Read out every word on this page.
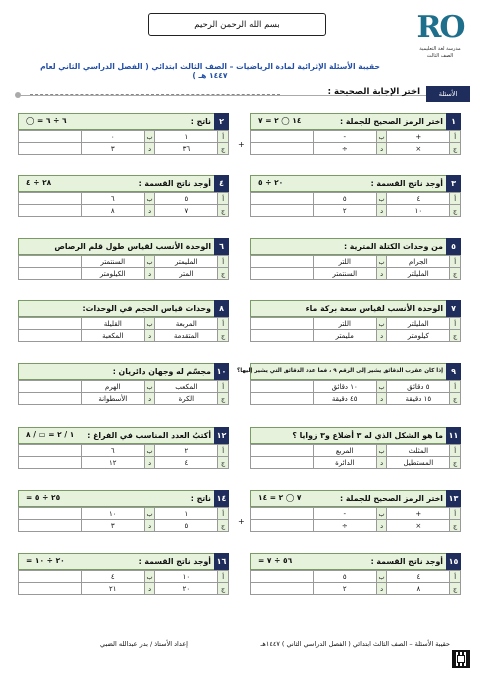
بسم الله الرحمن الرحيم	RO
مدرسة لغة التعليمية
الصف الثالث
حقيبة الأسئلة الإثرائية لمادة الرياضيات – الصف الثالث ابتدائي ( الفصل الدراسي الثاني لعام ١٤٤٧ هـ )
الأسئلة
اختر الإجابة الصحيحة :
١
اختر الرمز الصحيح للجملة :
١٤ ◯ ٢ = ٧
أ	+	ب	-	
ج	×	د	÷	
٢
ناتج :
٦ ÷ ٦ = ◯
أ	١	ب	٠	
ج	٣٦	د	٣	
٣
أوجد ناتج القسمة :
٢٠ ÷ ٥
أ	٤	ب	٥	
ج	١٠	د	٢	
٤
أوجد ناتج القسمة :
٢٨ ÷ ٤
أ	٥	ب	٦	
ج	٧	د	٨	
٥
من وحدات الكتلة المترية :
أ	الجرام	ب	اللتر	
ج	المليلتر	د	السنتمتر	
٦
الوحدة الأنسب لقياس طول قلم الرصاص
أ	المليمتر	ب	السنتمتر	
ج	المتر	د	الكيلومتر	
٧
الوحدة الأنسب لقياس سعة بركة ماء
أ	المليلتر	ب	اللتر	
ج	كيلومتر	د	مليمتر	
٨
وحدات قياس الحجم في الوحدات:
أ	المربعة	ب	القليلة	
ج	المتقدمة	د	المكعبة	
٩
إذا كان عقرب الدقائق يشير إلى الرقم ٩ ، فما عدد الدقائق التي يشير إليها؟
أ	٥ دقائق	ب	١٠ دقائق	
ج	١٥ دقيقة	د	٤٥ دقيقة	
١٠
مجسّم له وجهان دائريان :
أ	المكعب	ب	الهرم	
ج	الكرة	د	الأسطوانة	
١١
ما هو الشكل الذي له ٣ أضلاع و٣ زوايا ؟
أ	المثلث	ب	المربع	
ج	المستطيل	د	الدائرة	
١٢
أكتبُ العدد المناسب في الفراغ :
١ / ٢ = ▭ / ٨
أ	٢	ب	٦	
ج	٤	د	١٢	
١٣
اختر الرمز الصحيح للجملة :
٧ ◯ ٢ = ١٤
أ	+	ب	-	
ج	×	د	÷	
١٤
ناتج :
٢٥ ÷ ٥ =
أ	١	ب	١٠	
ج	٥	د	٣	
١٥
أوجد ناتج القسمة :
٥٦ ÷ ٧ =
أ	٤	ب	٥	
ج	٨	د	٢	
١٦
أوجد ناتج القسمة :
٢٠ ÷ ١٠ =
أ	١٠	ب	٤	
ج	٢٠	د	٢١	
+
+
حقيبة الأسئلة – الصف الثالث ابتدائي ( الفصل الدراسي الثاني ) ١٤٤٧هـ
إعداد الأستاذ / بدر عبدالله الضبي
